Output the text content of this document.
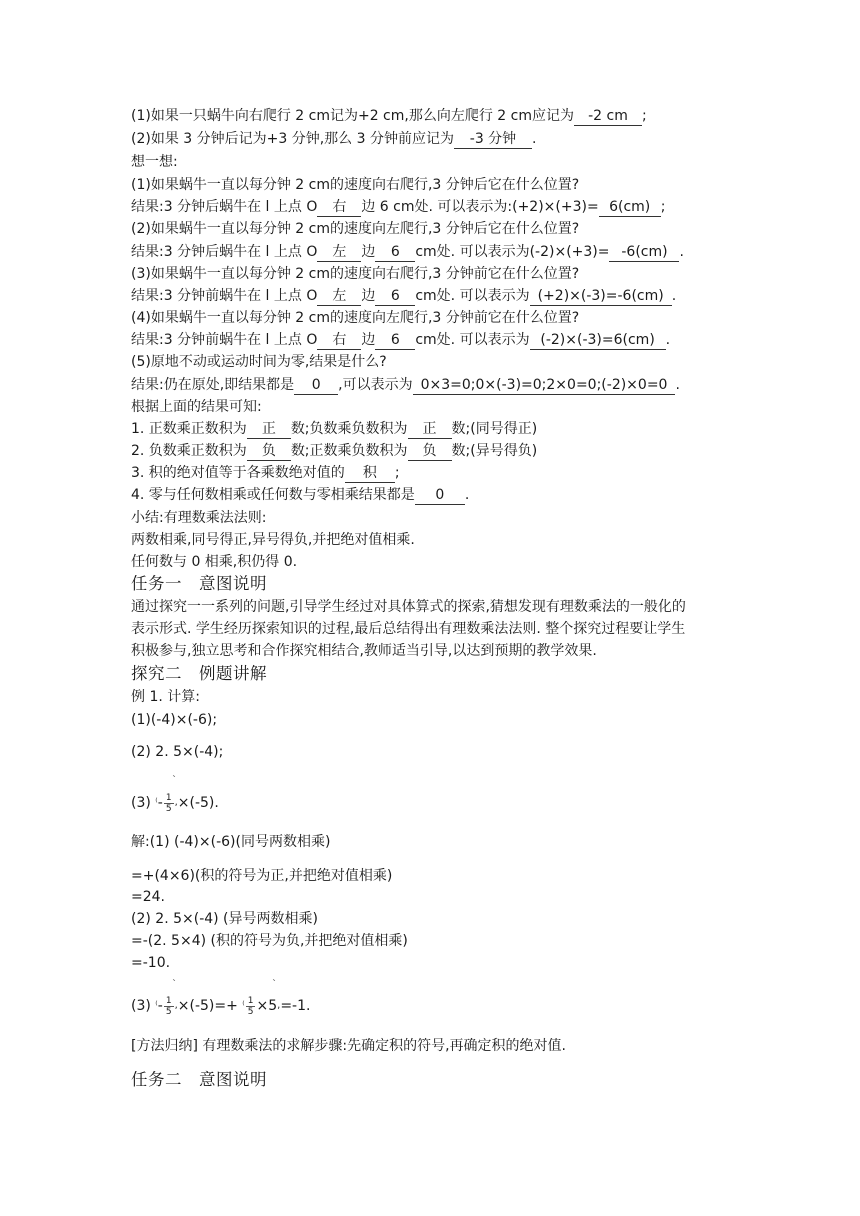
(1)如果一只蜗牛向右爬行 2 cm记为+2 cm,那么向左爬行 2 cm应记为 -2 cm ;
(2)如果 3 分钟后记为+3 分钟,那么 3 分钟前应记为 -3 分钟 .
想一想:
(1)如果蜗牛一直以每分钟 2 cm的速度向右爬行,3 分钟后它在什么位置?
结果:3 分钟后蜗牛在 l 上点 O 右 边 6 cm处. 可以表示为:(+2)×(+3)= 6(cm) ;
(2)如果蜗牛一直以每分钟 2 cm的速度向左爬行,3 分钟后它在什么位置?
结果:3 分钟后蜗牛在 l 上点 O 左 边 6 cm处. 可以表示为(-2)×(+3)= -6(cm) .
(3)如果蜗牛一直以每分钟 2 cm的速度向右爬行,3 分钟前它在什么位置?
结果:3 分钟前蜗牛在 l 上点 O 左 边 6 cm处. 可以表示为 (+2)×(-3)=-6(cm) .
(4)如果蜗牛一直以每分钟 2 cm的速度向左爬行,3 分钟前它在什么位置?
结果:3 分钟前蜗牛在 l 上点 O 右 边 6 cm处. 可以表示为 (-2)×(-3)=6(cm) .
(5)原地不动或运动时间为零,结果是什么?
结果:仍在原处,即结果都是 0 ,可以表示为 0×3=0;0×(-3)=0;2×0=0;(-2)×0=0 .
根据上面的结果可知:
1. 正数乘正数积为 正 数;负数乘负数积为 正 数;(同号得正)
2. 负数乘正数积为 负 数;正数乘负数积为 负 数;(异号得负)
3. 积的绝对值等于各乘数绝对值的 积 ;
4. 零与任何数相乘或任何数与零相乘结果都是 0 .
小结:有理数乘法法则:
两数相乘,同号得正,异号得负,并把绝对值相乘.
任何数与 0 相乘,积仍得 0.
任务一　意图说明
通过探究一一系列的问题,引导学生经过对具体算式的探索,猜想发现有理数乘法的一般化的
表示形式. 学生经历探索知识的过程,最后总结得出有理数乘法法则. 整个探究过程要让学生
积极参与,独立思考和合作探究相结合,教师适当引导,以达到预期的教学效果.
探究二　例题讲解
例 1. 计算:
(1)(-4)×(-6);
(2) 2. 5×(-4);
ˋ
(3) ⁽- $\frac{1}{5} ,\times(-5)$.
解:(1) (-4)×(-6)(同号两数相乘)
=+(4×6)(积的符号为正,并把绝对值相乘)
=24.
(2) 2. 5×(-4) (异号两数相乘)
=-(2. 5×4) (积的符号为负,并把绝对值相乘)
=-10.
ˋ	ˋ
(3) ⁽- $\frac{1}{5} ,\times(-5)=+$ ⁽ $\frac{1}{5} \times 5,=-1$.
[方法归纳] 有理数乘法的求解步骤:先确定积的符号,再确定积的绝对值.
任务二　意图说明
